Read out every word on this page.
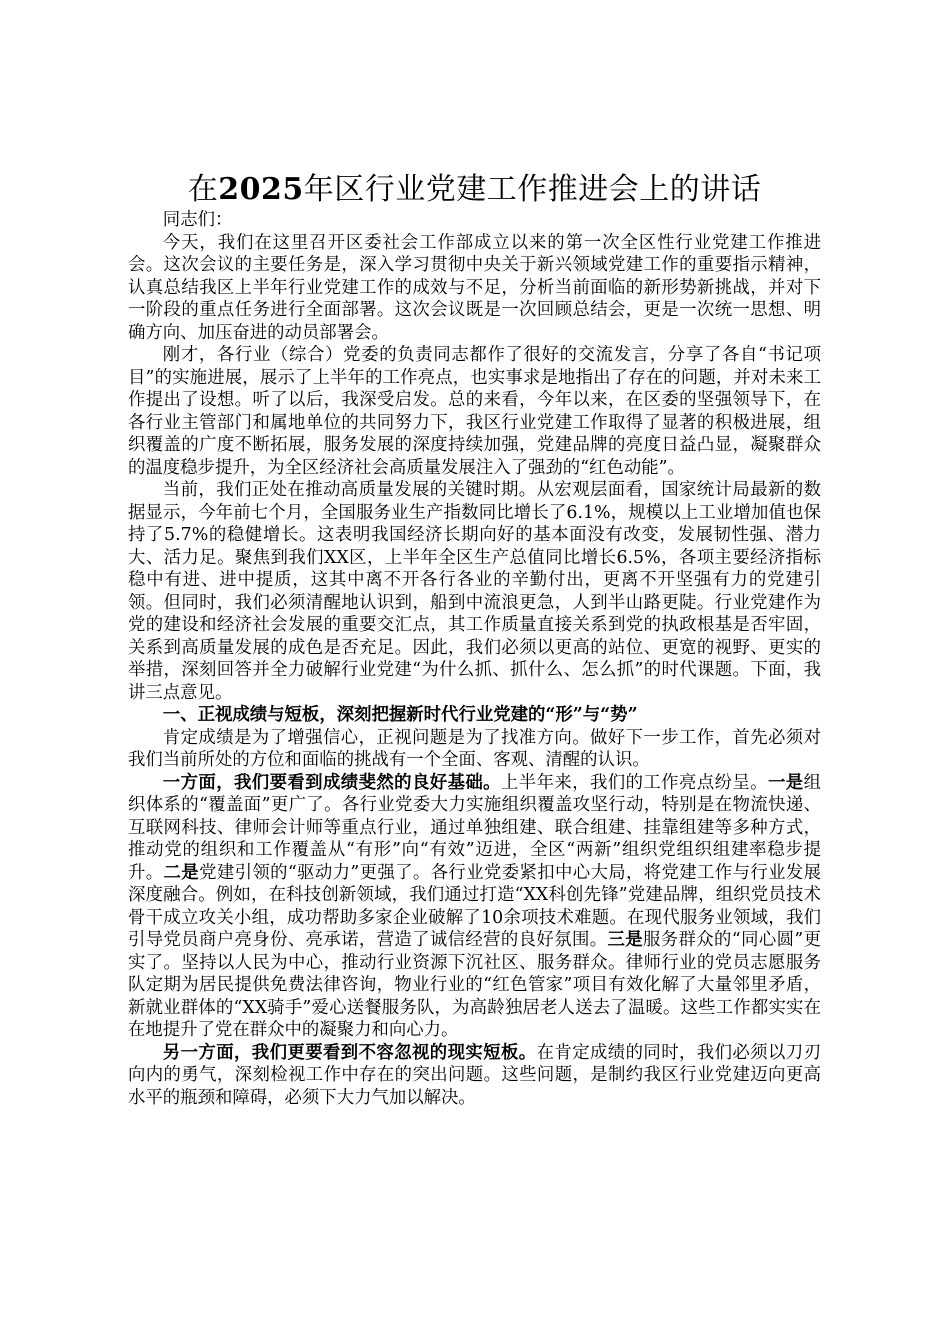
在2025年区行业党建工作推进会上的讲话

同志们：

今天，我们在这里召开区委社会工作部成立以来的第一次全区性行业党建工作推进会。这次会议的主要任务是，深入学习贯彻中央关于新兴领域党建工作的重要指示精神，认真总结我区上半年行业党建工作的成效与不足，分析当前面临的新形势新挑战，并对下一阶段的重点任务进行全面部署。这次会议既是一次回顾总结会，更是一次统一思想、明确方向、加压奋进的动员部署会。

刚才，各行业（综合）党委的负责同志都作了很好的交流发言，分享了各自“书记项目”的实施进展，展示了上半年的工作亮点，也实事求是地指出了存在的问题，并对未来工作提出了设想。听了以后，我深受启发。总的来看，今年以来，在区委的坚强领导下，在各行业主管部门和属地单位的共同努力下，我区行业党建工作取得了显著的积极进展，组织覆盖的广度不断拓展，服务发展的深度持续加强，党建品牌的亮度日益凸显，凝聚群众的温度稳步提升，为全区经济社会高质量发展注入了强劲的“红色动能”。

当前，我们正处在推动高质量发展的关键时期。从宏观层面看，国家统计局最新的数据显示，今年前七个月，全国服务业生产指数同比增长了6.1%，规模以上工业增加值也保持了5.7%的稳健增长。这表明我国经济长期向好的基本面没有改变，发展韧性强、潜力大、活力足。聚焦到我们XX区，上半年全区生产总值同比增长6.5%，各项主要经济指标稳中有进、进中提质，这其中离不开各行各业的辛勤付出，更离不开坚强有力的党建引领。但同时，我们必须清醒地认识到，船到中流浪更急，人到半山路更陡。行业党建作为党的建设和经济社会发展的重要交汇点，其工作质量直接关系到党的执政根基是否牢固，关系到高质量发展的成色是否充足。因此，我们必须以更高的站位、更宽的视野、更实的举措，深刻回答并全力破解行业党建“为什么抓、抓什么、怎么抓”的时代课题。下面，我讲三点意见。

一、正视成绩与短板，深刻把握新时代行业党建的“形”与“势”

肯定成绩是为了增强信心，正视问题是为了找准方向。做好下一步工作，首先必须对我们当前所处的方位和面临的挑战有一个全面、客观、清醒的认识。

一方面，我们要看到成绩斐然的良好基础。上半年来，我们的工作亮点纷呈。一是组织体系的“覆盖面”更广了。各行业党委大力实施组织覆盖攻坚行动，特别是在物流快递、互联网科技、律师会计师等重点行业，通过单独组建、联合组建、挂靠组建等多种方式，推动党的组织和工作覆盖从“有形”向“有效”迈进，全区“两新”组织党组织组建率稳步提升。二是党建引领的“驱动力”更强了。各行业党委紧扣中心大局，将党建工作与行业发展深度融合。例如，在科技创新领域，我们通过打造“XX科创先锋”党建品牌，组织党员技术骨干成立攻关小组，成功帮助多家企业破解了10余项技术难题。在现代服务业领域，我们引导党员商户亮身份、亮承诺，营造了诚信经营的良好氛围。三是服务群众的“同心圆”更实了。坚持以人民为中心，推动行业资源下沉社区、服务群众。律师行业的党员志愿服务队定期为居民提供免费法律咨询，物业行业的“红色管家”项目有效化解了大量邻里矛盾，新就业群体的“XX骑手”爱心送餐服务队，为高龄独居老人送去了温暖。这些工作都实实在在地提升了党在群众中的凝聚力和向心力。

另一方面，我们更要看到不容忽视的现实短板。在肯定成绩的同时，我们必须以刀刃向内的勇气，深刻检视工作中存在的突出问题。这些问题，是制约我区行业党建迈向更高水平的瓶颈和障碍，必须下大力气加以解决。
